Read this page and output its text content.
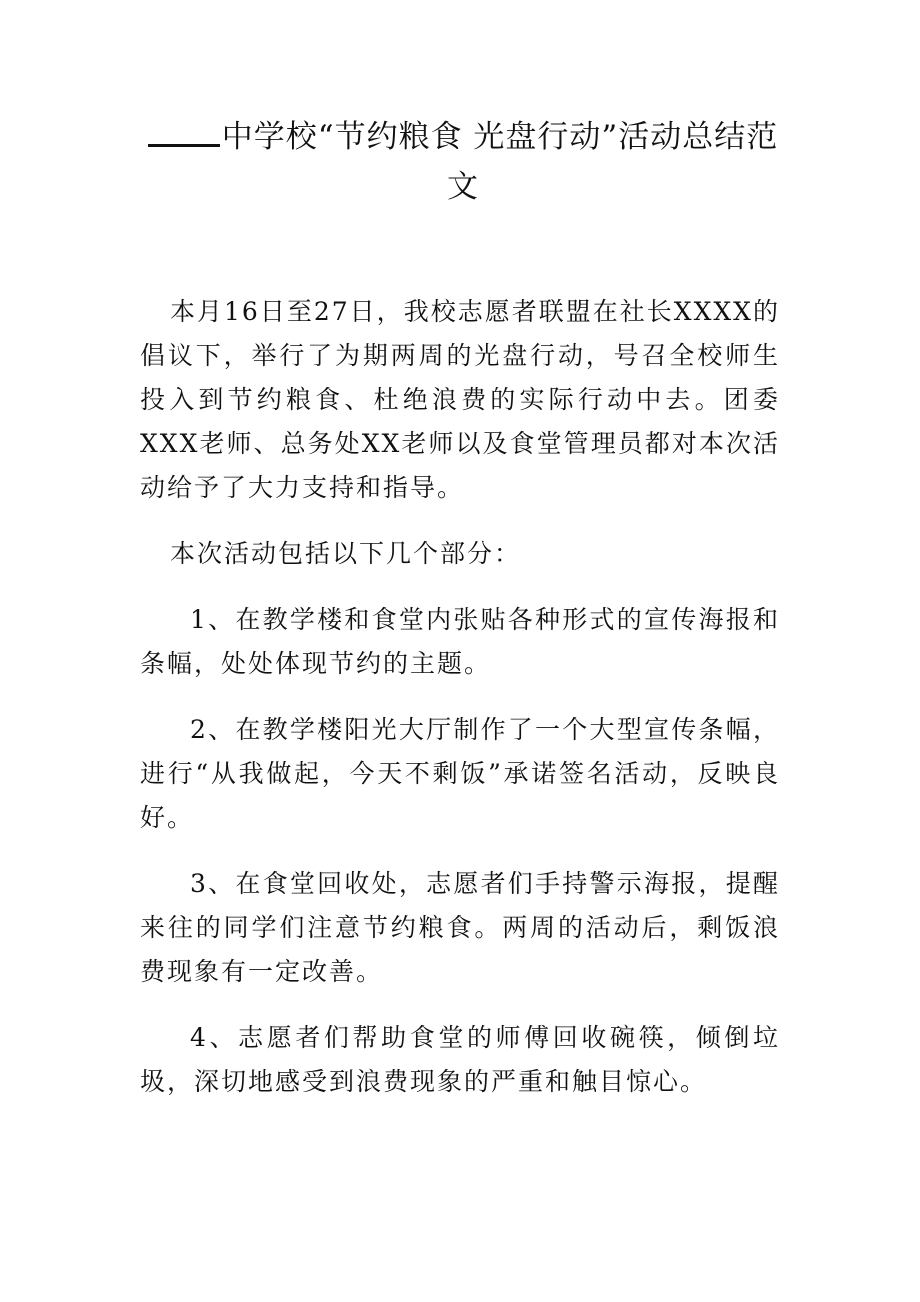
中学校“节约粮食 光盘行动”活动总结范文

本月16日至27日，我校志愿者联盟在社长XXXX的倡议下，举行了为期两周的光盘行动，号召全校师生投入到节约粮食、杜绝浪费的实际行动中去。团委XXX老师、总务处XX老师以及食堂管理员都对本次活动给予了大力支持和指导。

本次活动包括以下几个部分：

1、在教学楼和食堂内张贴各种形式的宣传海报和条幅，处处体现节约的主题。

2、在教学楼阳光大厅制作了一个大型宣传条幅，进行“从我做起，今天不剩饭”承诺签名活动，反映良好。

3、在食堂回收处，志愿者们手持警示海报，提醒来往的同学们注意节约粮食。两周的活动后，剩饭浪费现象有一定改善。

4、志愿者们帮助食堂的师傅回收碗筷，倾倒垃圾，深切地感受到浪费现象的严重和触目惊心。
